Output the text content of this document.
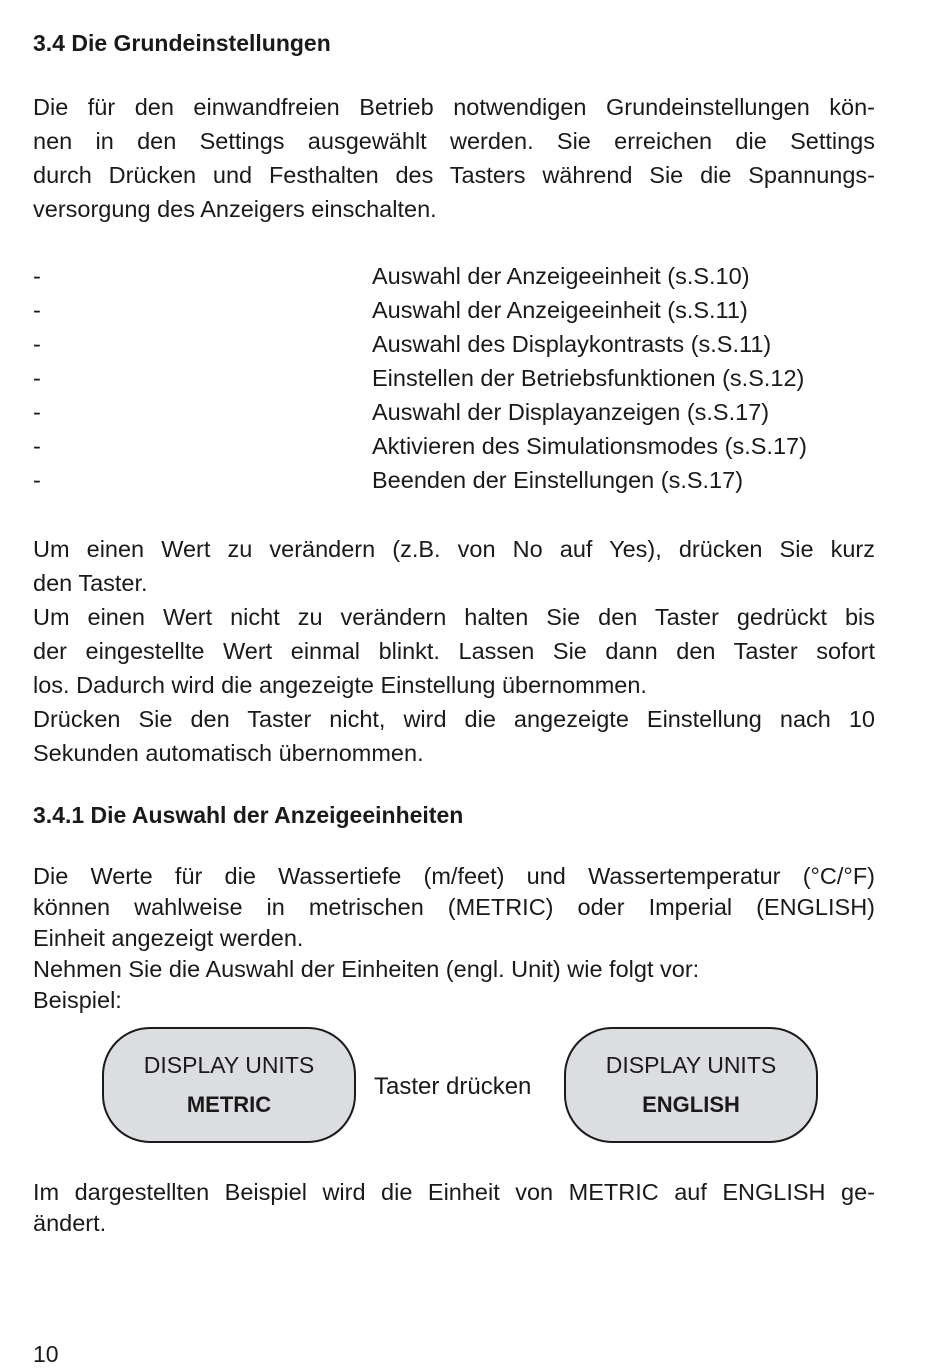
3.4 Die Grundeinstellungen
Die für den einwandfreien Betrieb notwendigen Grundeinstellungen kön-
nen in den Settings ausgewählt werden. Sie erreichen die Settings
durch Drücken und Festhalten des Tasters während Sie die Spannungs-
versorgung des Anzeigers einschalten.
-	Auswahl der Anzeigeeinheit (s.S.10)
-	Auswahl der Anzeigeeinheit (s.S.11)
-	Auswahl des Displaykontrasts (s.S.11)
-	Einstellen der Betriebsfunktionen (s.S.12)
-	Auswahl der Displayanzeigen (s.S.17)
-	Aktivieren des Simulationsmodes (s.S.17)
-	Beenden der Einstellungen (s.S.17)
Um einen Wert zu verändern (z.B. von No auf Yes), drücken Sie kurz
den Taster.
Um einen Wert nicht zu verändern halten Sie den Taster gedrückt bis
der eingestellte Wert einmal blinkt. Lassen Sie dann den Taster sofort
los. Dadurch wird die angezeigte Einstellung übernommen.
Drücken Sie den Taster nicht, wird die angezeigte Einstellung nach 10
Sekunden automatisch übernommen.
3.4.1 Die Auswahl der Anzeigeeinheiten
Die Werte für die Wassertiefe (m/feet) und Wassertemperatur (°C/°F)
können wahlweise in metrischen (METRIC) oder Imperial (ENGLISH)
Einheit angezeigt werden.
Nehmen Sie die Auswahl der Einheiten (engl. Unit) wie folgt vor:
Beispiel:
DISPLAY UNITS
METRIC
Taster drücken
DISPLAY UNITS
ENGLISH
Im dargestellten Beispiel wird die Einheit von METRIC auf ENGLISH ge-
ändert.
10
